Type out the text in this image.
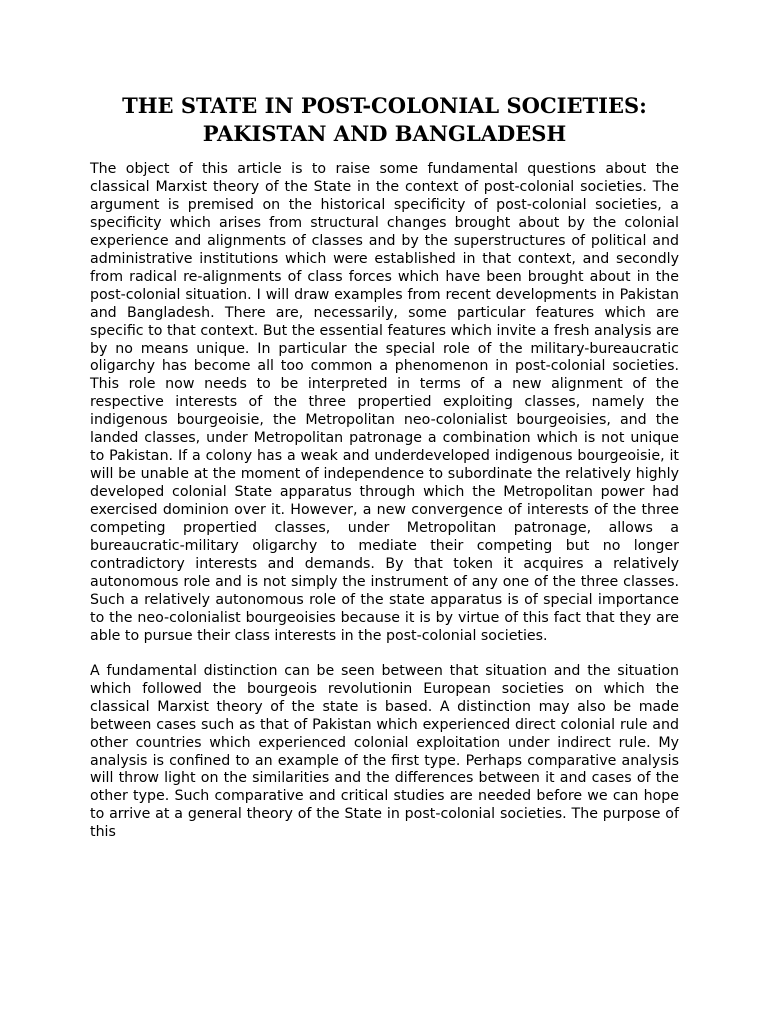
THE STATE IN POST-COLONIAL SOCIETIES:
PAKISTAN AND BANGLADESH

The object of this article is to raise some fundamental questions about the classical Marxist theory of the State in the context of post-colonial societies. The argument is premised on the historical specificity of post-colonial societies, a specificity which arises from structural changes brought about by the colonial experience and alignments of classes and by the superstructures of political and administrative institutions which were established in that context, and secondly from radical re-alignments of class forces which have been brought about in the post-colonial situation. I will draw examples from recent developments in Pakistan and Bangladesh. There are, necessarily, some particular features which are specific to that context. But the essential features which invite a fresh analysis are by no means unique. In particular the special role of the military-bureaucratic oligarchy has become all too common a phenomenon in post-colonial societies. This role now needs to be interpreted in terms of a new alignment of the respective interests of the three propertied exploiting classes, namely the indigenous bourgeoisie, the Metropolitan neo-colonialist bourgeoisies, and the landed classes, under Metropolitan patronage a combination which is not unique to Pakistan. If a colony has a weak and underdeveloped indigenous bourgeoisie, it will be unable at the moment of independence to subordinate the relatively highly developed colonial State apparatus through which the Metropolitan power had exercised dominion over it. However, a new convergence of interests of the three competing propertied classes, under Metropolitan patronage, allows a bureaucratic-military oligarchy to mediate their competing but no longer contradictory interests and demands. By that token it acquires a relatively autonomous role and is not simply the instrument of any one of the three classes. Such a relatively autonomous role of the state apparatus is of special importance to the neo-colonialist bourgeoisies because it is by virtue of this fact that they are able to pursue their class interests in the post-colonial societies.

A fundamental distinction can be seen between that situation and the situation which followed the bourgeois revolutionin European societies on which the classical Marxist theory of the state is based. A distinction may also be made between cases such as that of Pakistan which experienced direct colonial rule and other countries which experienced colonial exploitation under indirect rule. My analysis is confined to an example of the first type. Perhaps comparative analysis will throw light on the similarities and the differences between it and cases of the other type. Such comparative and critical studies are needed before we can hope to arrive at a general theory of the State in post-colonial societies. The purpose of this
